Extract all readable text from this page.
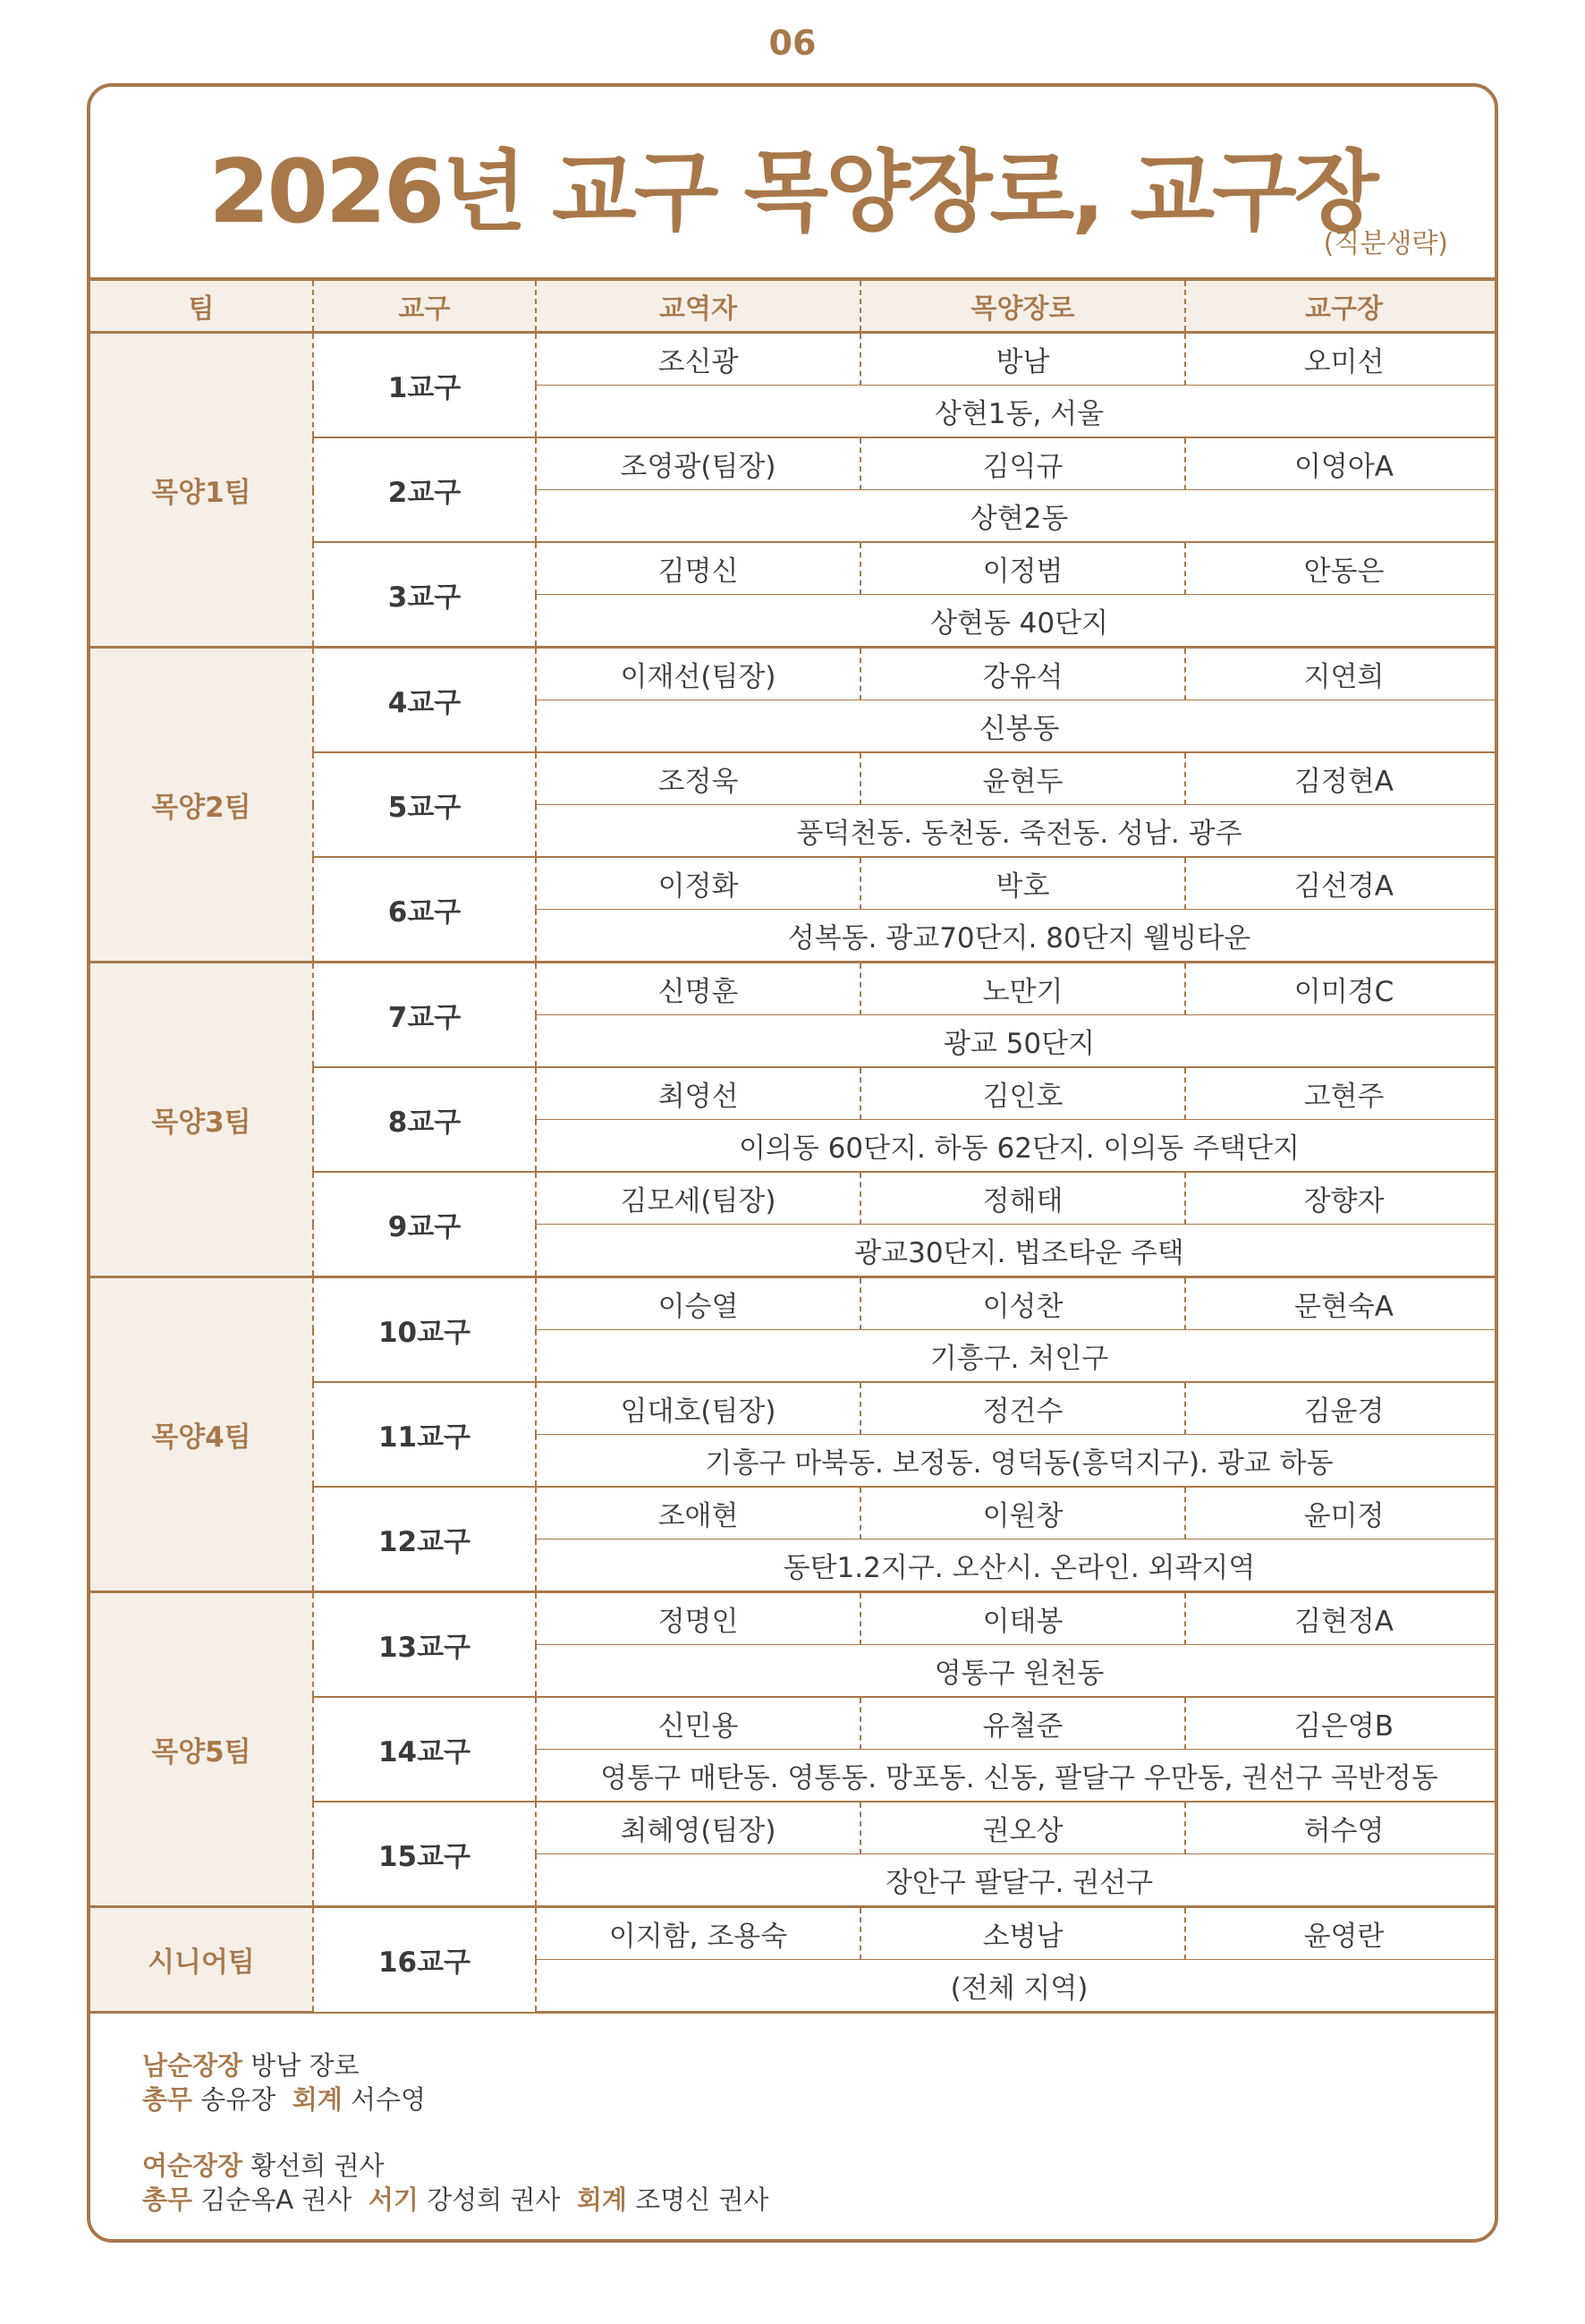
06
2026년 교구 목양장로, 교구장
(직분생략)
팀	교구	교역자	목양장로	교구장
목양1팀	1교구	조신광	방남	오미선
		상현1동, 서울		
	2교구	조영광(팀장)	김익규	이영아A
		상현2동		
	3교구	김명신	이정범	안동은
		상현동 40단지		
목양2팀	4교구	이재선(팀장)	강유석	지연희
		신봉동		
	5교구	조정욱	윤현두	김정현A
		풍덕천동. 동천동. 죽전동. 성남. 광주		
	6교구	이정화	박호	김선경A
		성복동. 광교70단지. 80단지 웰빙타운		
목양3팀	7교구	신명훈	노만기	이미경C
		광교 50단지		
	8교구	최영선	김인호	고현주
		이의동 60단지. 하동 62단지. 이의동 주택단지		
	9교구	김모세(팀장)	정해태	장향자
		광교30단지. 법조타운 주택		
목양4팀	10교구	이승열	이성찬	문현숙A
		기흥구. 처인구		
	11교구	임대호(팀장)	정건수	김윤경
		기흥구 마북동. 보정동. 영덕동(흥덕지구). 광교 하동		
	12교구	조애현	이원창	윤미정
		동탄1.2지구. 오산시. 온라인. 외곽지역		
목양5팀	13교구	정명인	이태봉	김현정A
		영통구 원천동		
	14교구	신민용	유철준	김은영B
		영통구 매탄동. 영통동. 망포동. 신동, 팔달구 우만동, 권선구 곡반정동		
	15교구	최혜영(팀장)	권오상	허수영
		장안구 팔달구. 권선구		
시니어팀	16교구	이지함, 조용숙	소병남	윤영란
		(전체 지역)		
남순장장 방남 장로
총무 송유장 회계 서수영
여순장장 황선희 권사
총무 김순옥A 권사 서기 강성희 권사 회계 조명신 권사
